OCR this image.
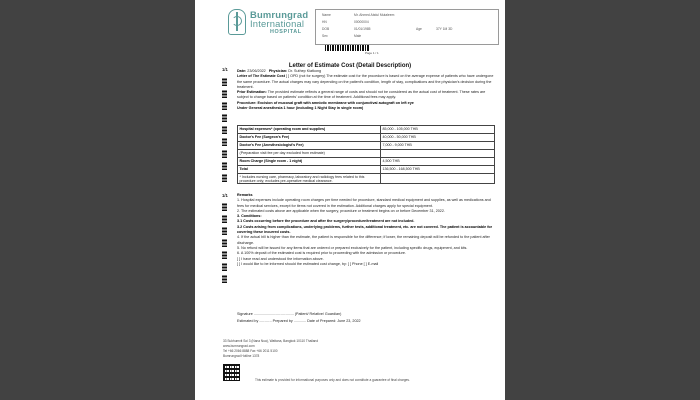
Bumrungrad
International
HOSPITAL
Name	Mr. Ahmed Abdul Mutaleem
HN	00000004
DOB	01/01/1985	Age	37Y 1M 3D
Sex	Male
Page 1 / 1
Letter of Estimate Cost (Detail Description)
1/1
1/1
Date: 23/06/2022 Physician: Dr. Suthep Kiatkong
Letter of The Estimate Cost [ ] OPD (not for surgery) The estimate cost for the procedure is based on the average expense of patients who have undergone the same procedure. The actual charges may vary depending on the patient's condition, length of stay, complications and the physician's decision during the treatment.
Prior Estimation: The provided estimate reflects a general range of costs and should not be considered as the actual cost of treatment. These rates are subject to change based on patients' condition at the time of treatment. Additional fees may apply.
Procedure: Excision of mucosal graft with amniotic membrane with conjunctival autograft on left eye
Under General anesthesia 1 hour (including 1 Night Stay in single room)
Hospital expenses* (operating room and supplies)	85,000 - 105,000 THB
Doctor's Fee (Surgeon's Fee)	40,000 - 50,000 THB
Doctor's Fee (Anesthesiologist's Fee)	7,000 - 9,000 THB
(Preparation visit fee per day excluded from estimate)	
Room Charge (Single room - 1 night)	4,500 THB
Total	136,500 - 168,500 THB
* Includes nursing care, pharmacy, laboratory and radiology fees related to this procedure only; excludes pre-operative medical clearance.	
Remarks
1. Hospital expenses include operating room charges per time needed for procedure, standard medical equipment and supplies, as well as medications and fees for medical services, except for items not covered in the estimation. Additional charges apply for special equipment.
2. The estimated costs above are applicable when the surgery, procedure or treatment begins on or before December 31, 2022.
3. Conditions:
3.1 Costs occurring before the procedure and after the surgery/procedure/treatment are not included.
3.2 Costs arising from complications, underlying problems, further tests, additional treatment, etc. are not covered. The patient is accountable for covering these incurred costs.
4. If the actual bill is higher than the estimate, the patient is responsible for the difference; if lower, the remaining deposit will be refunded to the patient after discharge.
5. No refund will be issued for any items that are ordered or prepared exclusively for the patient, including specific drugs, equipment, and kits.
6. A 100% deposit of the estimated cost is required prior to proceeding with the admission or procedure.
[ ] I have read and understood the information above.
[ ] I would like to be informed should the estimated cost change, by: [ ] Phone [ ] E-mail
Signature ....................................... (Patient/ Relative/ Guardian)
Estimated by ............ Prepared by ............ Date of Prepared: June 23, 2022
33 Sukhumvit Soi 3 (Nana Nua), Wattana, Bangkok 10110 Thailand
www.bumrungrad.com
Tel +66 2066 8888 Fax +66 2011 5100
Bumrungrad Hotline 1378
This estimate is provided for informational purposes only and does not constitute a guarantee of final charges.
